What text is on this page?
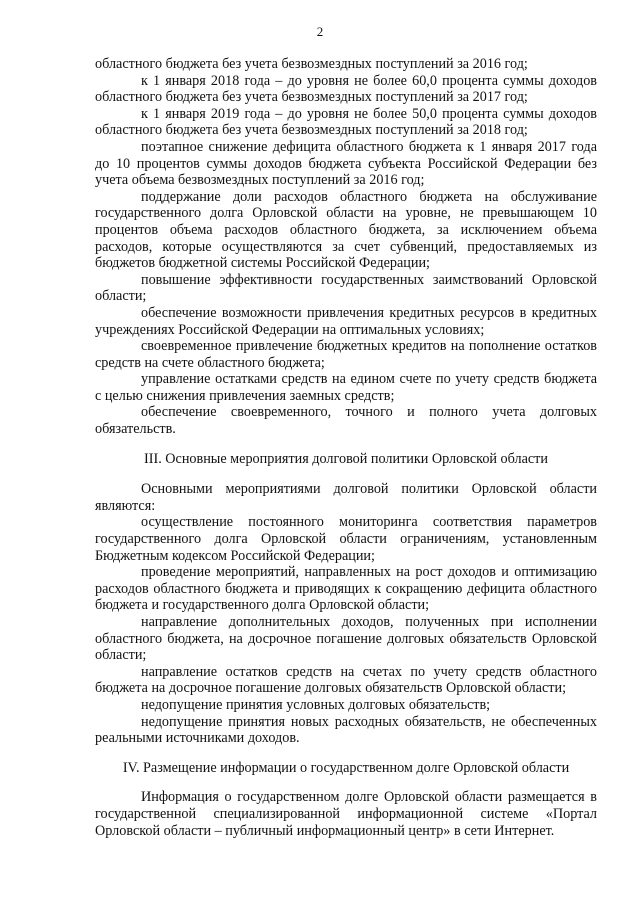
2

областного бюджета без учета безвозмездных поступлений за 2016 год;

к 1 января 2018 года – до уровня не более 60,0 процента суммы доходов областного бюджета без учета безвозмездных поступлений за 2017 год;

к 1 января 2019 года – до уровня не более 50,0 процента суммы доходов областного бюджета без учета безвозмездных поступлений за 2018 год;

поэтапное снижение дефицита областного бюджета к 1 января 2017 года до 10 процентов суммы доходов бюджета субъекта Российской Федерации без учета объема безвозмездных поступлений за 2016 год;

поддержание доли расходов областного бюджета на обслуживание государственного долга Орловской области на уровне, не превышающем 10 процентов объема расходов областного бюджета, за исключением объема расходов, которые осуществляются за счет субвенций, предоставляемых из бюджетов бюджетной системы Российской Федерации;

повышение эффективности государственных заимствований Орловской области;

обеспечение возможности привлечения кредитных ресурсов в кредитных учреждениях Российской Федерации на оптимальных условиях;

своевременное привлечение бюджетных кредитов на пополнение остатков средств на счете областного бюджета;

управление остатками средств на едином счете по учету средств бюджета с целью снижения привлечения заемных средств;

обеспечение своевременного, точного и полного учета долговых обязательств.

III. Основные мероприятия долговой политики Орловской области

Основными мероприятиями долговой политики Орловской области являются:

осуществление постоянного мониторинга соответствия параметров государственного долга Орловской области ограничениям, установленным Бюджетным кодексом Российской Федерации;

проведение мероприятий, направленных на рост доходов и оптимизацию расходов областного бюджета и приводящих к сокращению дефицита областного бюджета и государственного долга Орловской области;

направление дополнительных доходов, полученных при исполнении областного бюджета, на досрочное погашение долговых обязательств Орловской области;

направление остатков средств на счетах по учету средств областного бюджета на досрочное погашение долговых обязательств Орловской области;

недопущение принятия условных долговых обязательств;

недопущение принятия новых расходных обязательств, не обеспеченных реальными источниками доходов.

IV. Размещение информации о государственном долге Орловской области

Информация о государственном долге Орловской области размещается в государственной специализированной информационной системе «Портал Орловской области – публичный информационный центр» в сети Интернет.
